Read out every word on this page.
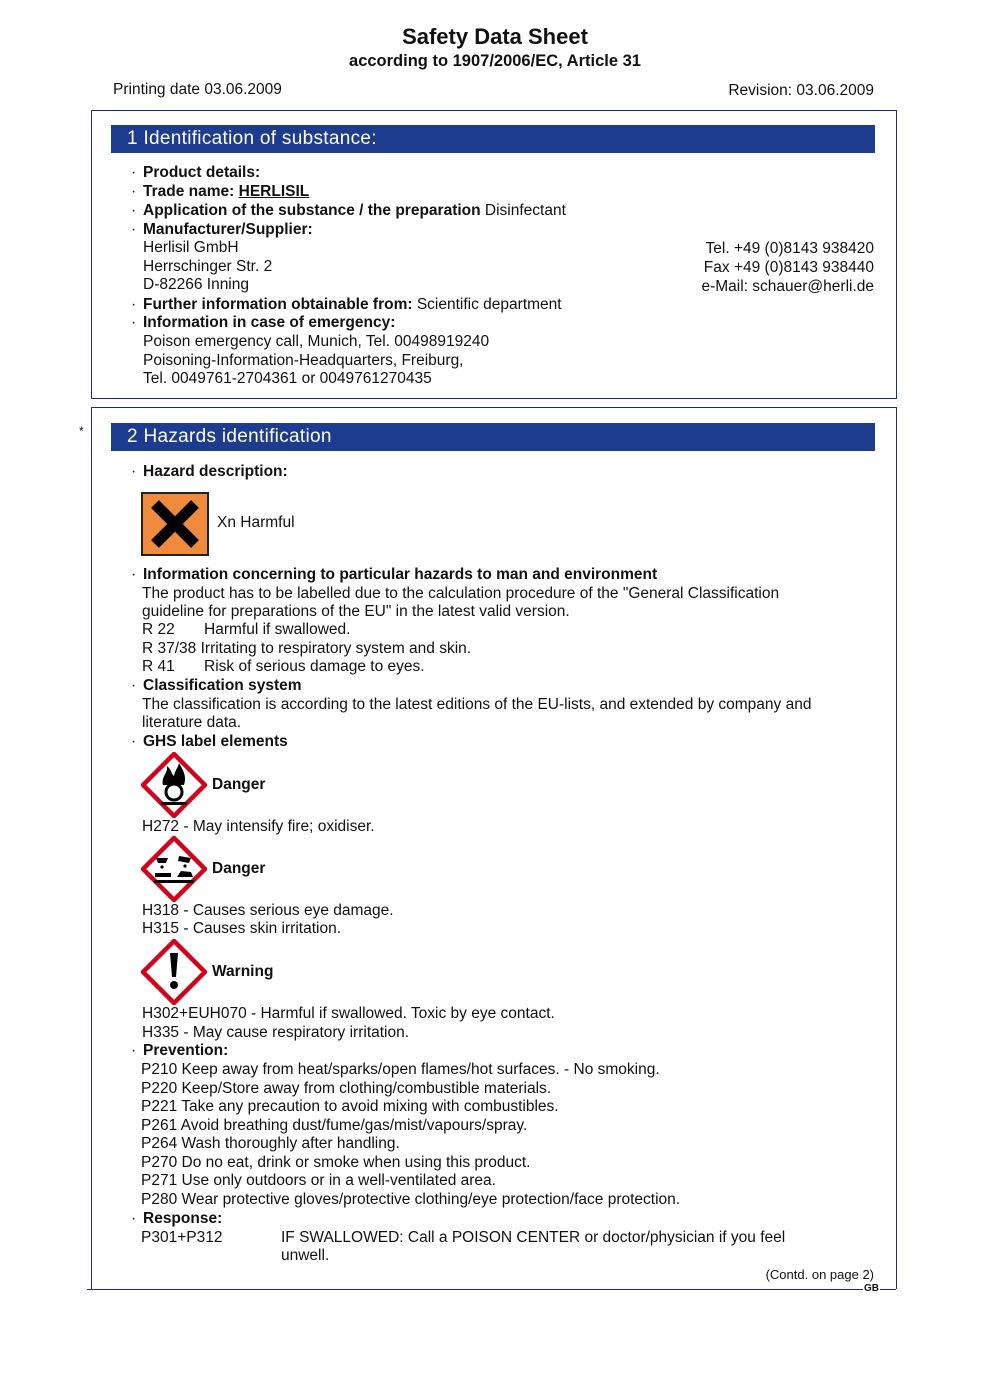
Safety Data Sheet
according to 1907/2006/EC, Article 31
Printing date 03.06.2009	Revision: 03.06.2009
1 Identification of substance:
· Product details:
· Trade name: HERLISIL
· Application of the substance / the preparation Disinfectant
· Manufacturer/Supplier:
Herlisil GmbH
Herrschinger Str. 2
D-82266 Inning
Tel. +49 (0)8143 938420
Fax +49 (0)8143 938440
e-Mail: schauer@herli.de
· Further information obtainable from: Scientific department
· Information in case of emergency:
Poison emergency call, Munich, Tel. 00498919240
Poisoning-Information-Headquarters, Freiburg,
Tel. 0049761-2704361 or 0049761270435
*	2 Hazards identification
· Hazard description:
Xn Harmful
· Information concerning to particular hazards to man and environment
The product has to be labelled due to the calculation procedure of the "General Classification
guideline for preparations of the EU" in the latest valid version.
R 22 Harmful if swallowed.
R 37/38 Irritating to respiratory system and skin.
R 41 Risk of serious damage to eyes.
· Classification system
The classification is according to the latest editions of the EU-lists, and extended by company and
literature data.
· GHS label elements
Danger
H272 - May intensify fire; oxidiser.
Danger
H318 - Causes serious eye damage.
H315 - Causes skin irritation.
Warning
H302+EUH070 - Harmful if swallowed. Toxic by eye contact.
H335 - May cause respiratory irritation.
· Prevention:
P210 Keep away from heat/sparks/open flames/hot surfaces. - No smoking.
P220 Keep/Store away from clothing/combustible materials.
P221 Take any precaution to avoid mixing with combustibles.
P261 Avoid breathing dust/fume/gas/mist/vapours/spray.
P264 Wash thoroughly after handling.
P270 Do no eat, drink or smoke when using this product.
P271 Use only outdoors or in a well-ventilated area.
P280 Wear protective gloves/protective clothing/eye protection/face protection.
· Response:
P301+P312	IF SWALLOWED: Call a POISON CENTER or doctor/physician if you feel
unwell.
(Contd. on page 2)
GB
